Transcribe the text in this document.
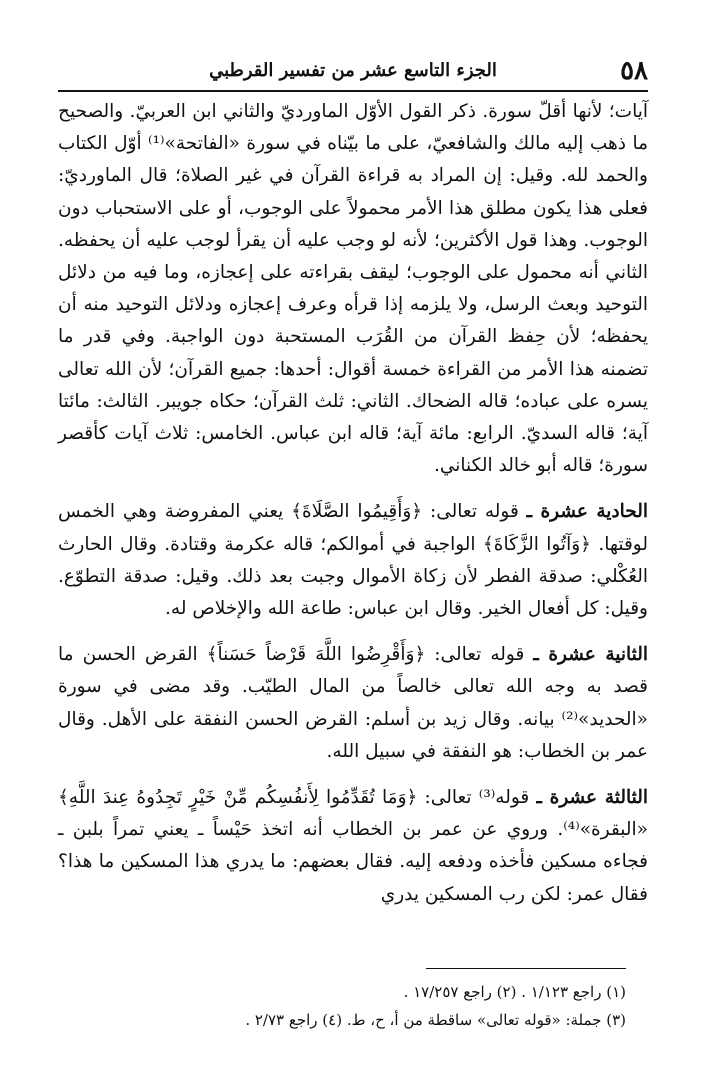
٥٨
الجزء التاسع عشر من تفسير القرطبي

آيات؛ لأنها أقلّ سورة. ذكر القول الأوّل الماورديّ والثاني ابن العربيّ. والصحيح ما ذهب إليه مالك والشافعيّ، على ما بيّناه في سورة «الفاتحة»⁽¹⁾ أوّل الكتاب والحمد لله. وقيل: إن المراد به قراءة القرآن في غير الصلاة؛ قال الماورديّ: فعلى هذا يكون مطلق هذا الأمر محمولاً على الوجوب، أو على الاستحباب دون الوجوب. وهذا قول الأكثرين؛ لأنه لو وجب عليه أن يقرأ لوجب عليه أن يحفظه. الثاني أنه محمول على الوجوب؛ ليقف بقراءته على إعجازه، وما فيه من دلائل التوحيد وبعث الرسل، ولا يلزمه إذا قرأه وعرف إعجازه ودلائل التوحيد منه أن يحفظه؛ لأن حِفظ القرآن من القُرَب المستحبة دون الواجبة. وفي قدر ما تضمنه هذا الأمر من القراءة خمسة أقوال: أحدها: جميع القرآن؛ لأن الله تعالى يسره على عباده؛ قاله الضحاك. الثاني: ثلث القرآن؛ حكاه جويبر. الثالث: مائتا آية؛ قاله السديّ. الرابع: مائة آية؛ قاله ابن عباس. الخامس: ثلاث آيات كأقصر سورة؛ قاله أبو خالد الكناني.

الحادية عشرة ـ قوله تعالى: ﴿وَأَقِيمُوا الصَّلَاةَ﴾ يعني المفروضة وهي الخمس لوقتها. ﴿وَآتُوا الزَّكَاةَ﴾ الواجبة في أموالكم؛ قاله عكرمة وقتادة. وقال الحارث العُكْلي: صدقة الفطر لأن زكاة الأموال وجبت بعد ذلك. وقيل: صدقة التطوّع. وقيل: كل أفعال الخير. وقال ابن عباس: طاعة الله والإخلاص له.

الثانية عشرة ـ قوله تعالى: ﴿وَأَقْرِضُوا اللَّهَ قَرْضاً حَسَناً﴾ القرض الحسن ما قصد به وجه الله تعالى خالصاً من المال الطيّب. وقد مضى في سورة «الحديد»⁽²⁾ بيانه. وقال زيد بن أسلم: القرض الحسن النفقة على الأهل. وقال عمر بن الخطاب: هو النفقة في سبيل الله.

الثالثة عشرة ـ قوله⁽³⁾ تعالى: ﴿وَمَا تُقَدِّمُوا لِأَنفُسِكُم مِّنْ خَيْرٍ تَجِدُوهُ عِندَ اللَّهِ﴾ «البقرة»⁽⁴⁾. وروي عن عمر بن الخطاب أنه اتخذ حَيْساً ـ يعني تمراً بلبن ـ فجاءه مسكين فأخذه ودفعه إليه. فقال بعضهم: ما يدري هذا المسكين ما هذا؟ فقال عمر: لكن رب المسكين يدري

(١) راجع ١/١٢٣ . (٢) راجع ١٧/٢٥٧ .
(٣) جملة: «قوله تعالى» ساقطة من أ، ح، ط. (٤) راجع ٢/٧٣ .
